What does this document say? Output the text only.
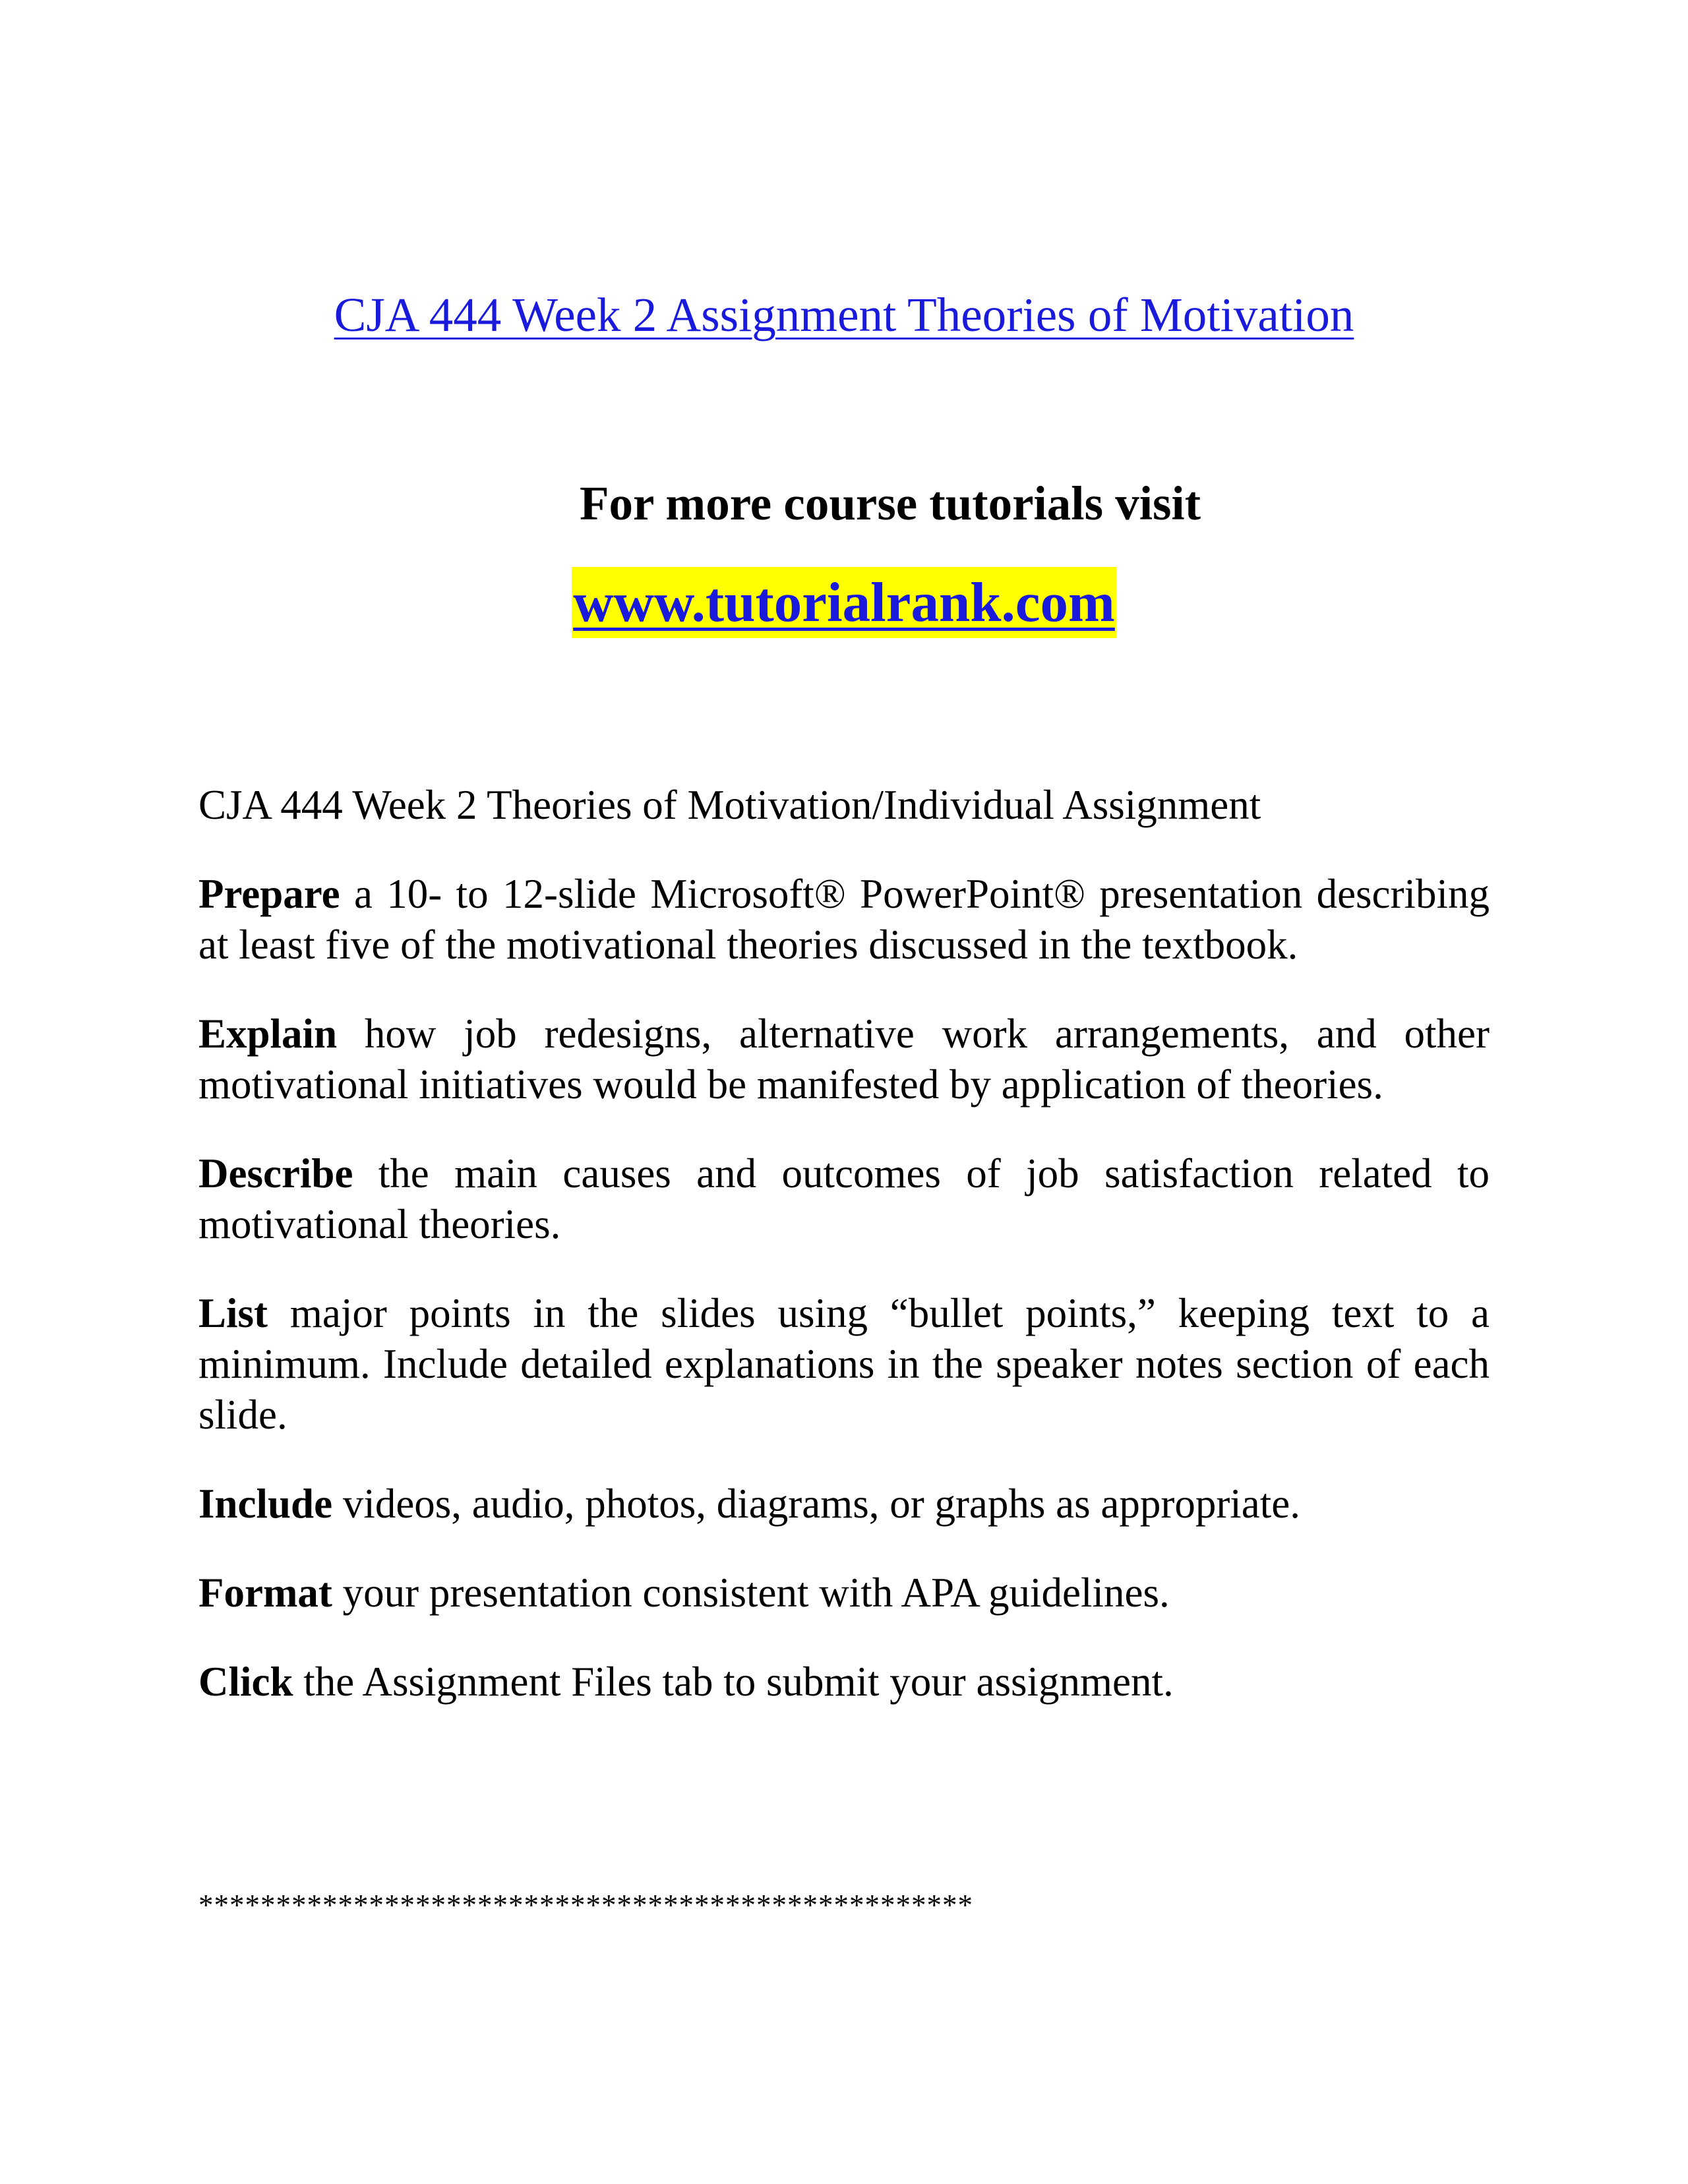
CJA 444 Week 2 Assignment Theories of Motivation
For more course tutorials visit
www.tutorialrank.com
CJA 444 Week 2 Theories of Motivation/Individual Assignment

Prepare a 10- to 12-slide Microsoft® PowerPoint® presentation describing at least five of the motivational theories discussed in the textbook.

Explain how job redesigns, alternative work arrangements, and other motivational initiatives would be manifested by application of theories.

Describe the main causes and outcomes of job satisfaction related to motivational theories.

List major points in the slides using “bullet points,” keeping text to a minimum. Include detailed explanations in the speaker notes section of each slide.

Include videos, audio, photos, diagrams, or graphs as appropriate.

Format your presentation consistent with APA guidelines.

Click the Assignment Files tab to submit your assignment.

**************************************************
